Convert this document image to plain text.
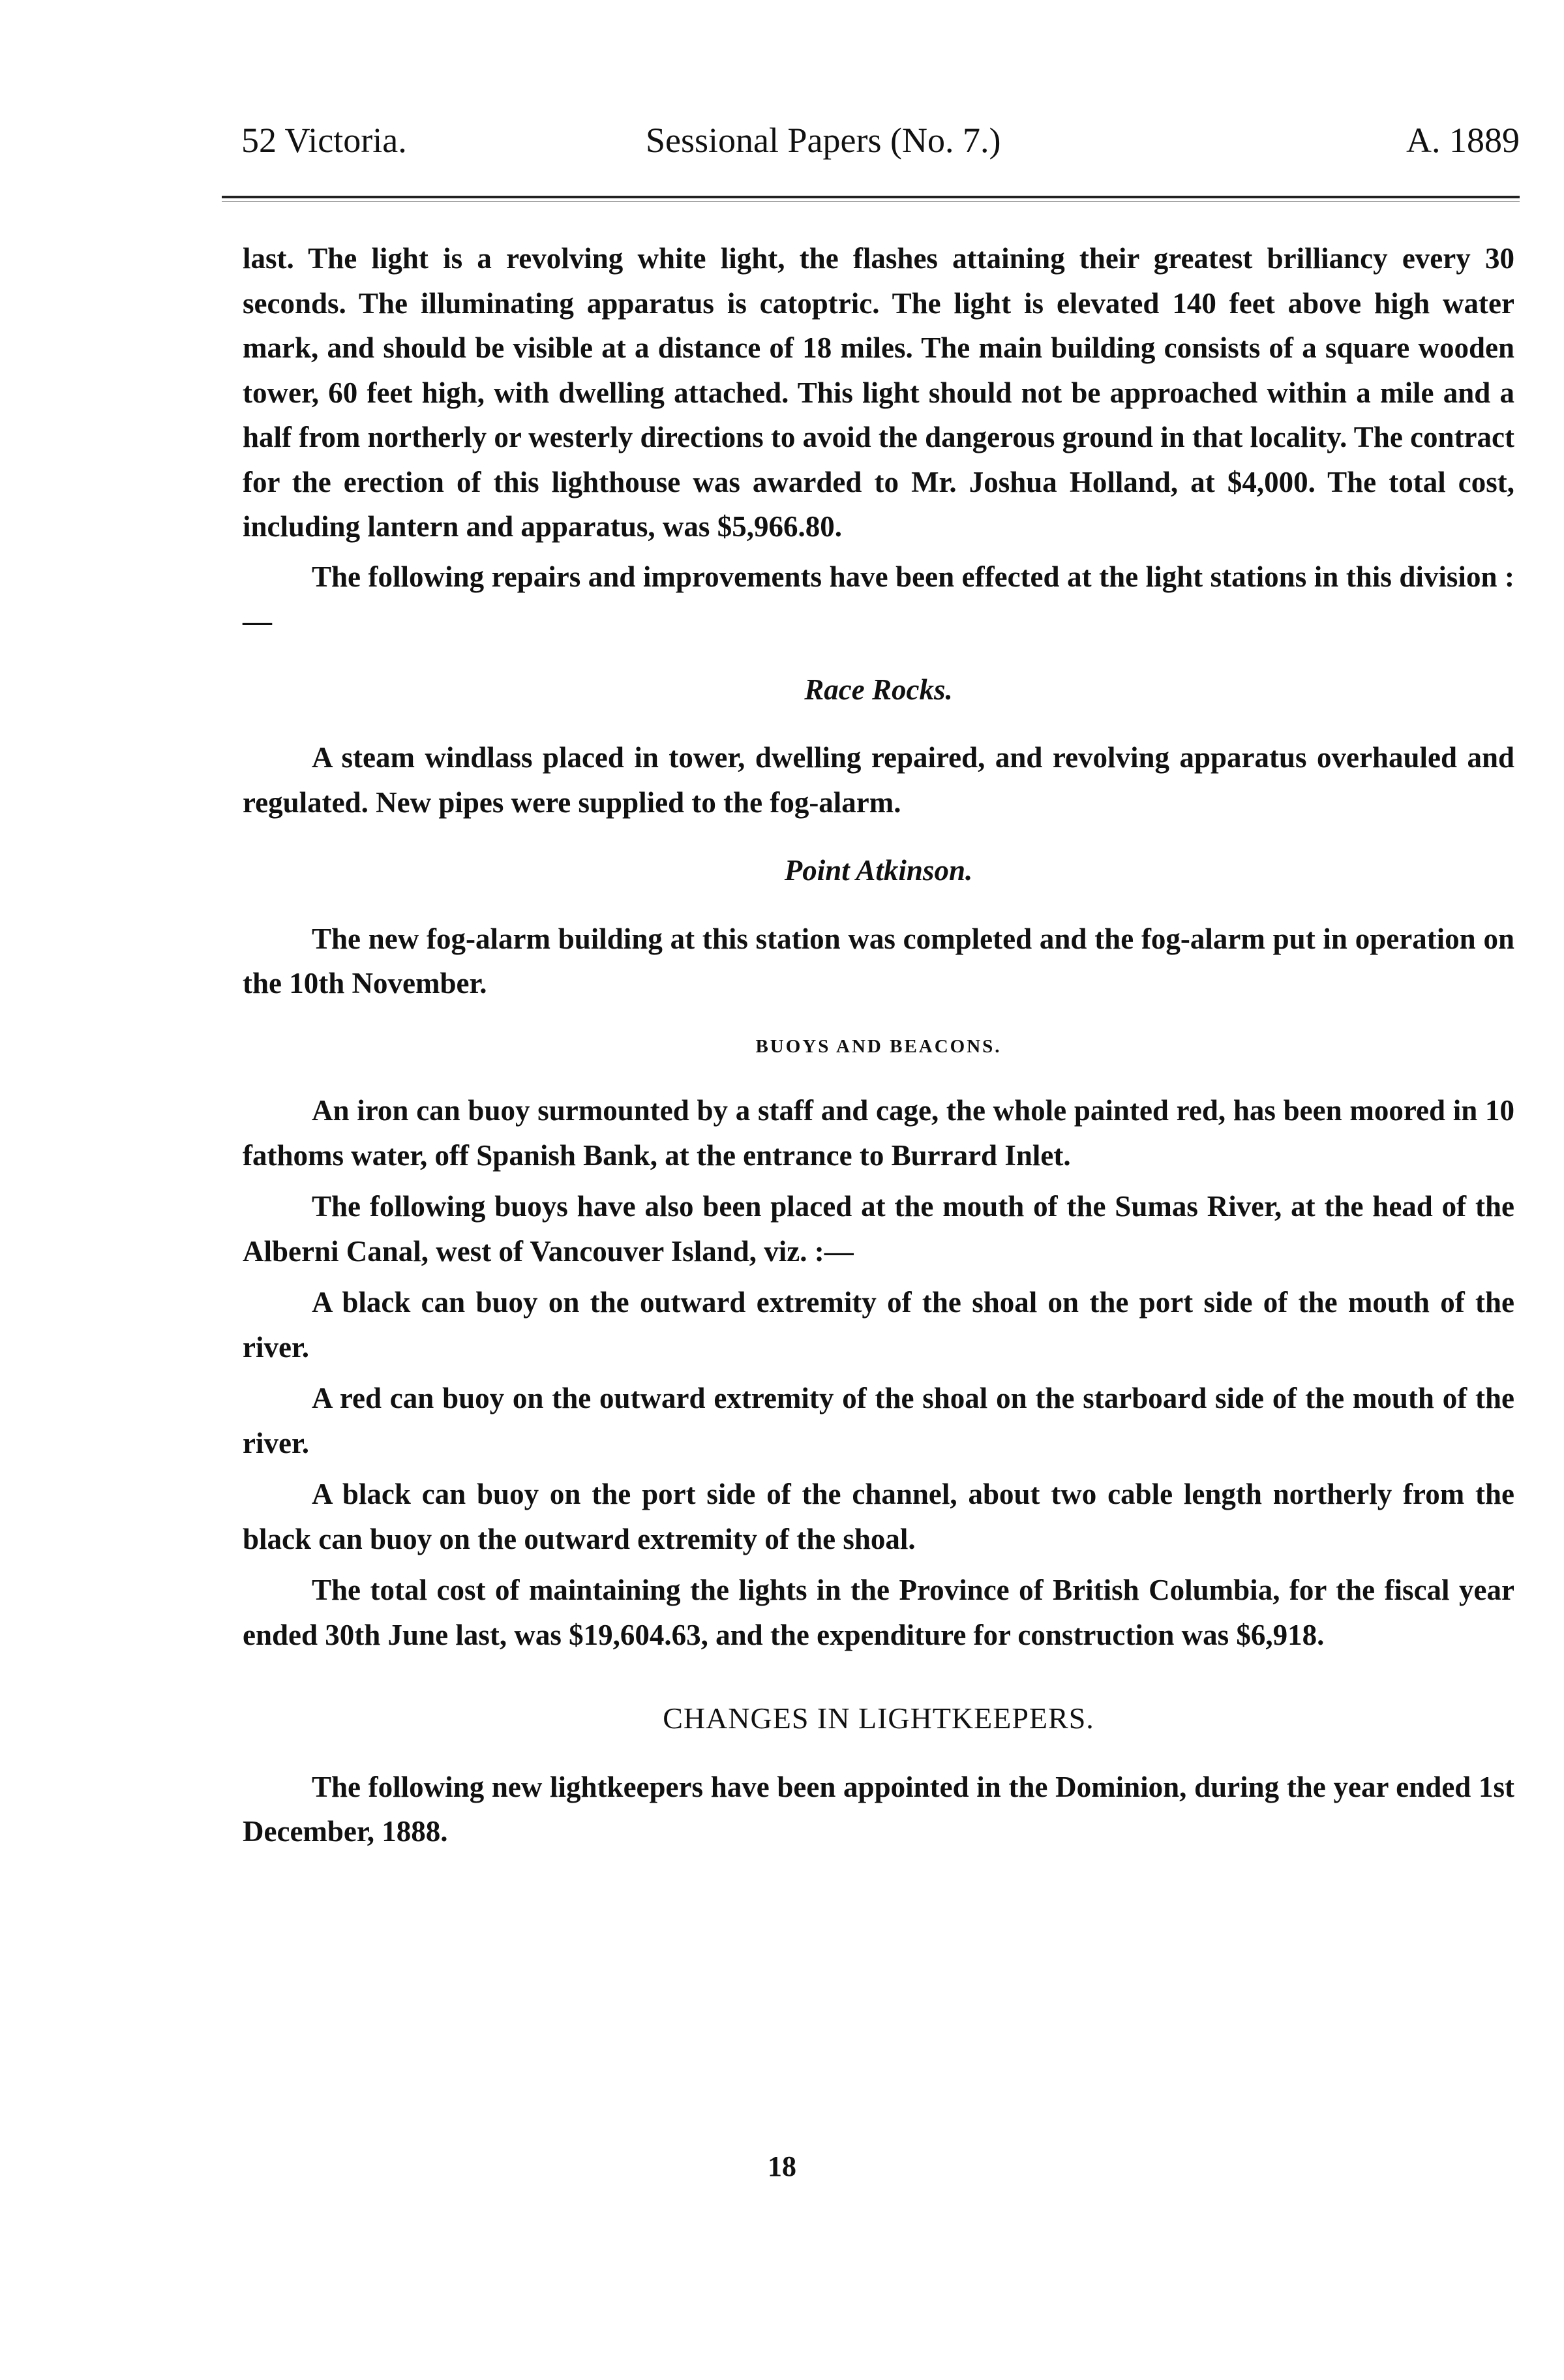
52 Victoria.	Sessional Papers (No. 7.)	A. 1889

last. The light is a revolving white light, the flashes attaining their greatest brilliancy every 30 seconds. The illuminating apparatus is catoptric. The light is elevated 140 feet above high water mark, and should be visible at a distance of 18 miles. The main building consists of a square wooden tower, 60 feet high, with dwelling attached. This light should not be approached within a mile and a half from northerly or westerly directions to avoid the dangerous ground in that locality. The contract for the erection of this lighthouse was awarded to Mr. Joshua Holland, at $4,000. The total cost, including lantern and apparatus, was $5,966.80.

The following repairs and improvements have been effected at the light stations in this division :—

Race Rocks.

A steam windlass placed in tower, dwelling repaired, and revolving apparatus overhauled and regulated. New pipes were supplied to the fog-alarm.

Point Atkinson.

The new fog-alarm building at this station was completed and the fog-alarm put in operation on the 10th November.

BUOYS AND BEACONS.

An iron can buoy surmounted by a staff and cage, the whole painted red, has been moored in 10 fathoms water, off Spanish Bank, at the entrance to Burrard Inlet.

The following buoys have also been placed at the mouth of the Sumas River, at the head of the Alberni Canal, west of Vancouver Island, viz. :—

A black can buoy on the outward extremity of the shoal on the port side of the mouth of the river.

A red can buoy on the outward extremity of the shoal on the starboard side of the mouth of the river.

A black can buoy on the port side of the channel, about two cable length northerly from the black can buoy on the outward extremity of the shoal.

The total cost of maintaining the lights in the Province of British Columbia, for the fiscal year ended 30th June last, was $19,604.63, and the expenditure for construction was $6,918.

CHANGES IN LIGHTKEEPERS.

The following new lightkeepers have been appointed in the Dominion, during the year ended 1st December, 1888.

18
